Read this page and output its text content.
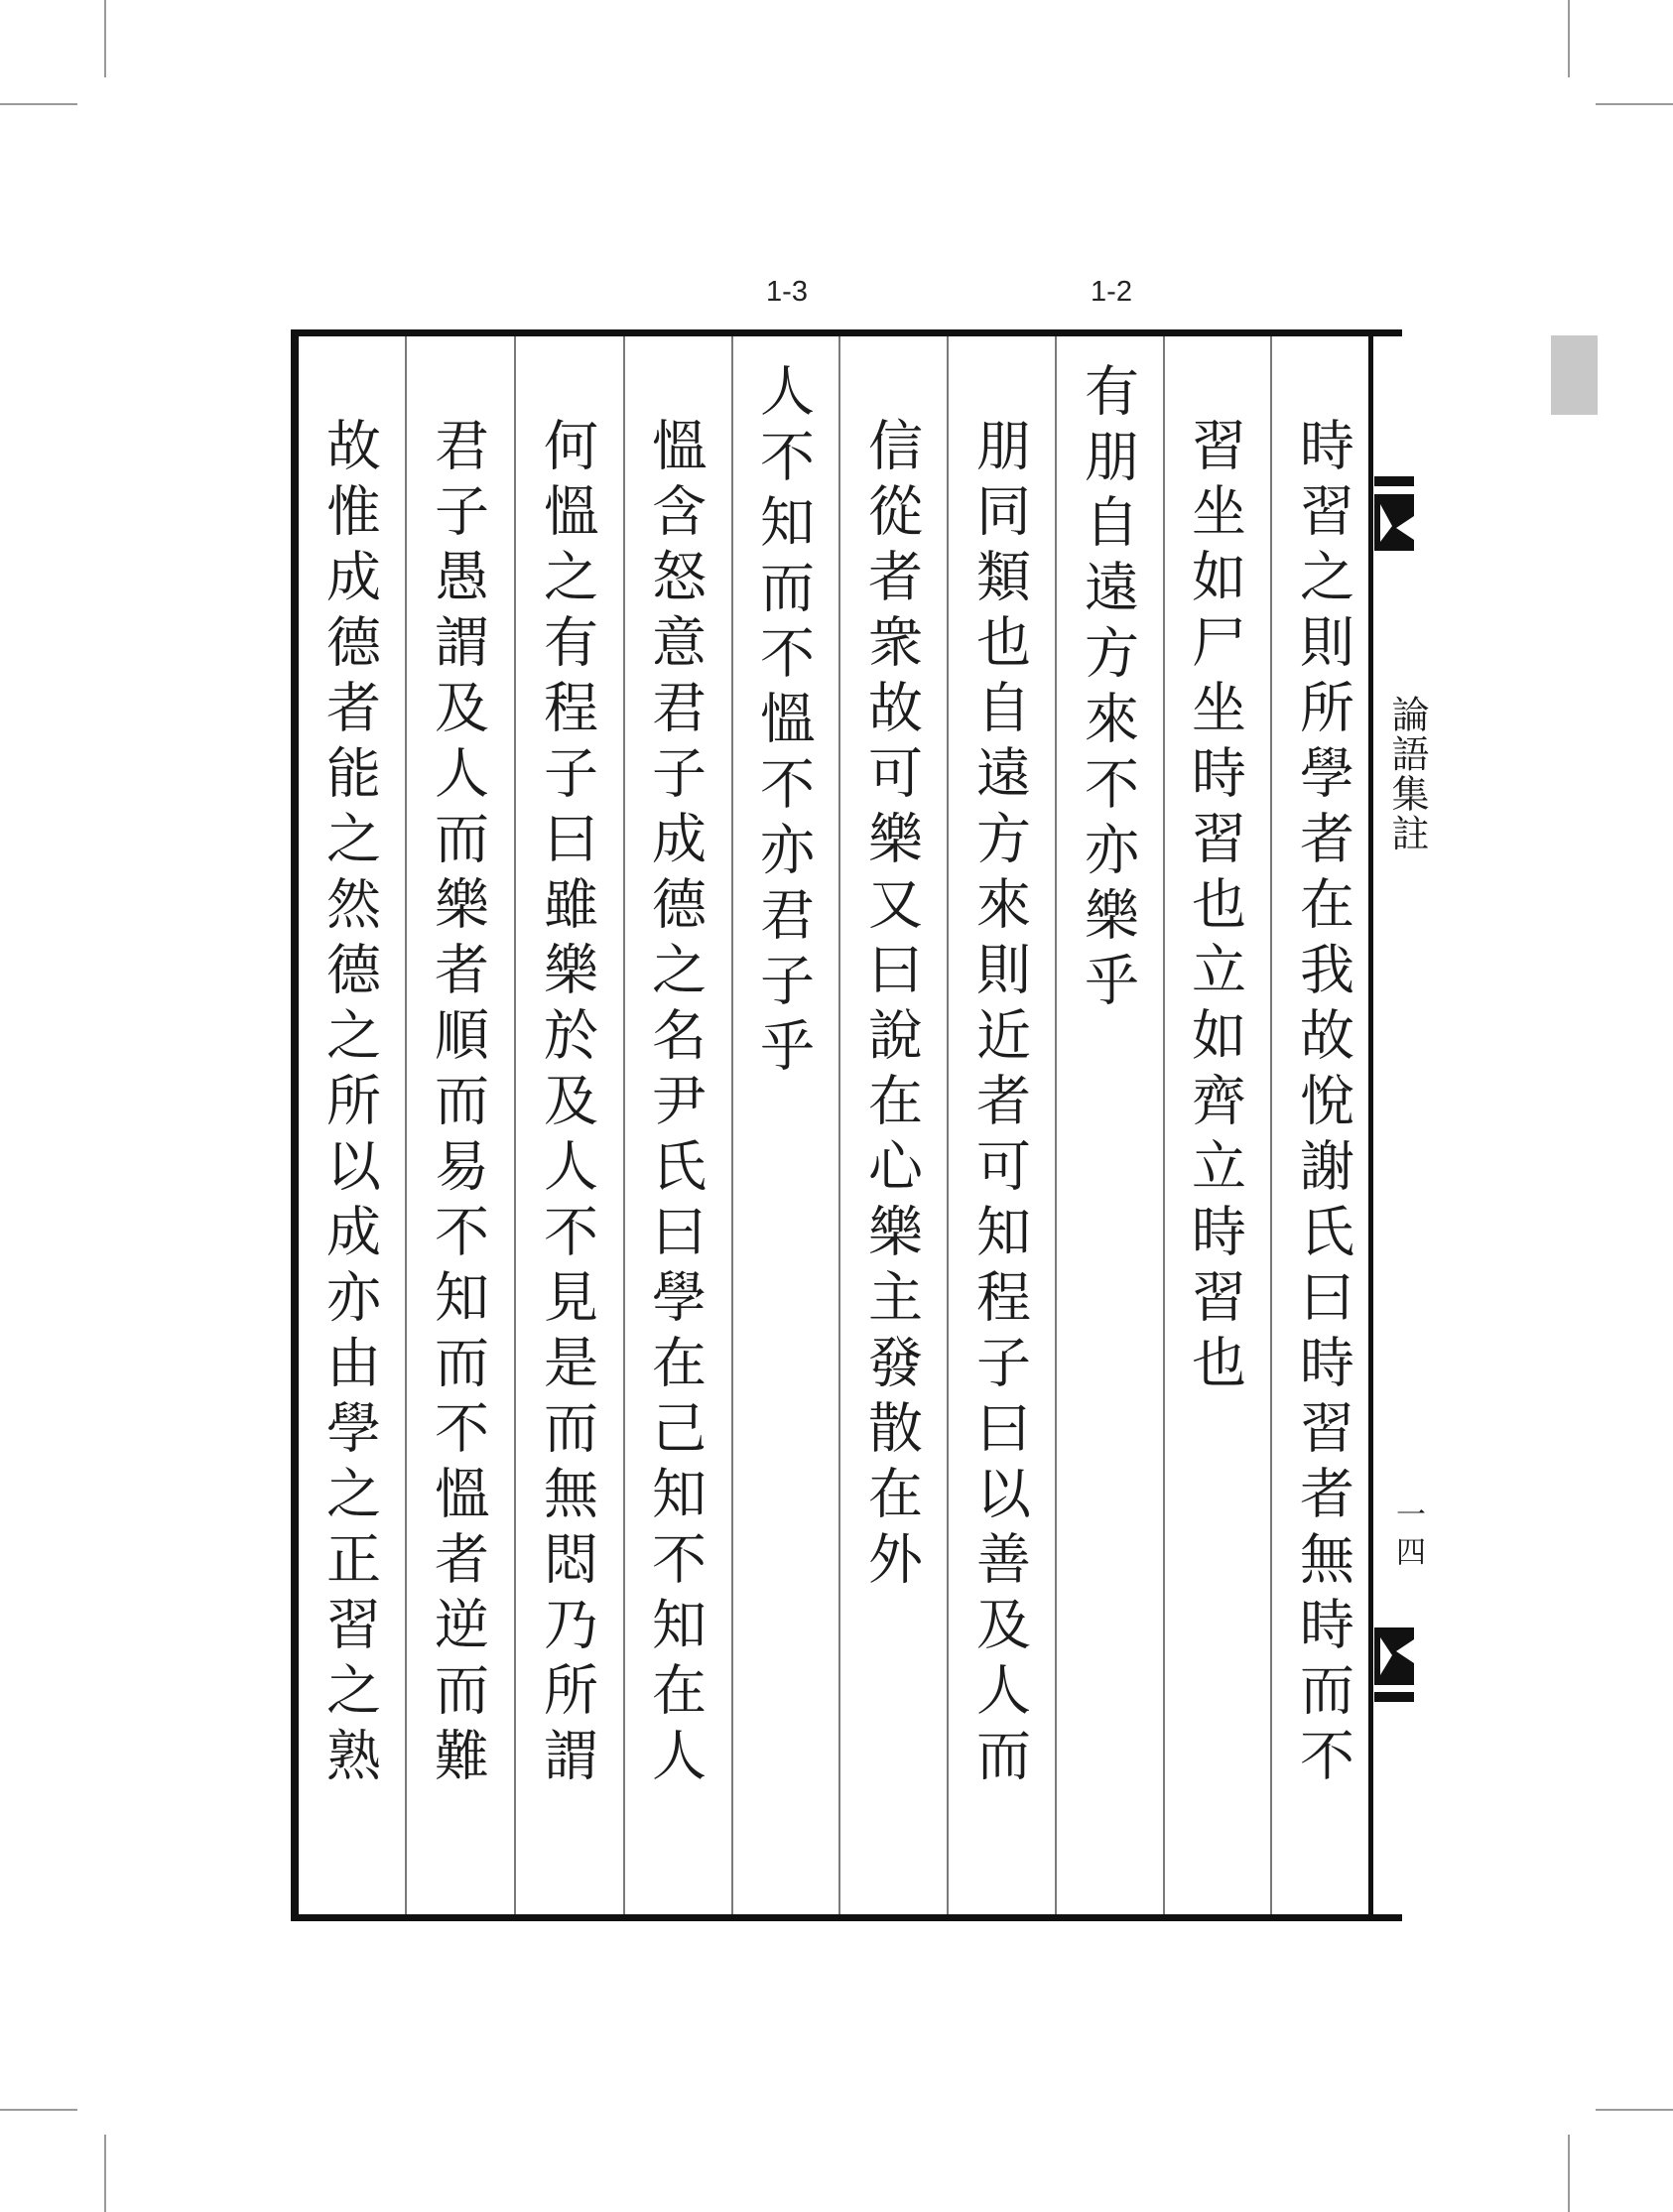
1-3	1-2
時習之則所學者在我故悅謝氏曰時習者無時而不
習坐如尸坐時習也立如齊立時習也
有朋自遠方來不亦樂乎
朋同類也自遠方來則近者可知程子曰以善及人而
信從者衆故可樂又曰說在心樂主發散在外
人不知而不慍不亦君子乎
慍含怒意君子成德之名尹氏曰學在己知不知在人
何慍之有程子曰雖樂於及人不見是而無悶乃所謂
君子愚謂及人而樂者順而易不知而不慍者逆而難
故惟成德者能之然德之所以成亦由學之正習之熟	論語集註
一四
